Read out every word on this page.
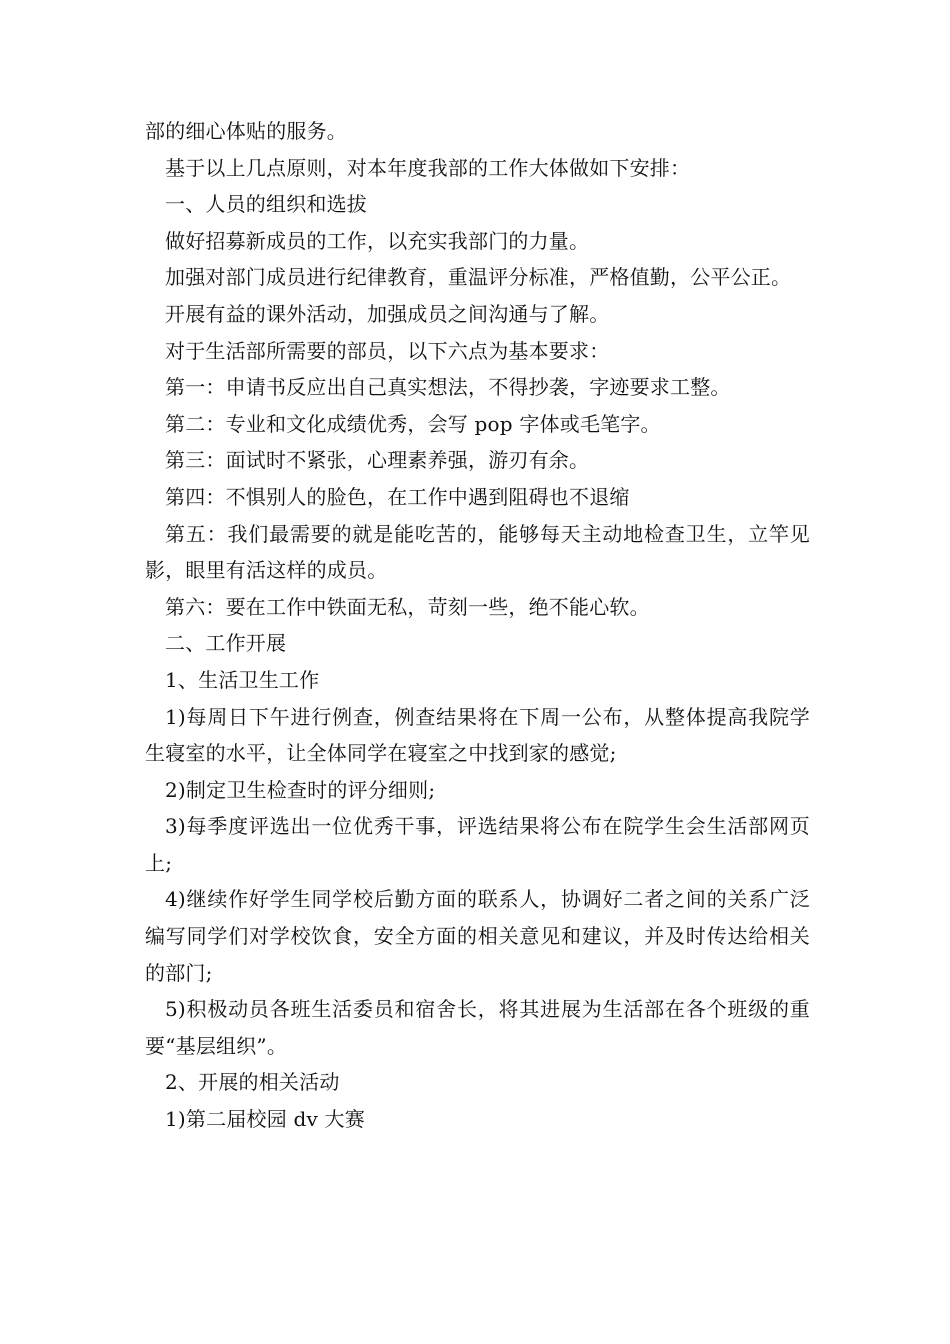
部的细心体贴的服务。

基于以上几点原则，对本年度我部的工作大体做如下安排：

一、人员的组织和选拔

做好招募新成员的工作，以充实我部门的力量。

加强对部门成员进行纪律教育，重温评分标准，严格值勤，公平公正。

开展有益的课外活动，加强成员之间沟通与了解。

对于生活部所需要的部员，以下六点为基本要求：

第一：申请书反应出自己真实想法，不得抄袭，字迹要求工整。

第二：专业和文化成绩优秀，会写 pop 字体或毛笔字。

第三：面试时不紧张，心理素养强，游刃有余。

第四：不惧别人的脸色，在工作中遇到阻碍也不退缩

第五：我们最需要的就是能吃苦的，能够每天主动地检查卫生，立竿见影，眼里有活这样的成员。

第六：要在工作中铁面无私，苛刻一些，绝不能心软。

二、工作开展

1、生活卫生工作

1)每周日下午进行例查，例查结果将在下周一公布，从整体提高我院学生寝室的水平，让全体同学在寝室之中找到家的感觉;

2)制定卫生检查时的评分细则;

3)每季度评选出一位优秀干事，评选结果将公布在院学生会生活部网页上;

4)继续作好学生同学校后勤方面的联系人，协调好二者之间的关系广泛编写同学们对学校饮食，安全方面的相关意见和建议，并及时传达给相关的部门;

5)积极动员各班生活委员和宿舍长，将其进展为生活部在各个班级的重要“基层组织”。

2、开展的相关活动

1)第二届校园 dv 大赛
